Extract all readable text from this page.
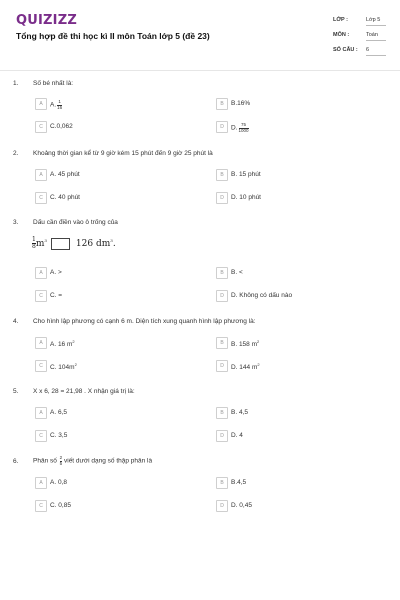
QUIZIZZ
Tổng hợp đề thi học kì II môn Toán lớp 5 (đề 23)
LỚP :	Lớp 5
MÔN :	Toán
SỐ CÂU : 6
1. Số bé nhất là:
A	$A.\frac{1}{16}$	B	B.16%
C	C.0,062	D	$D.\frac{75}{1000}$
2. Khoảng thời gian kể từ 9 giờ kém 15 phút đến 9 giờ 25 phút là
A	A. 45 phút	B	B. 15 phút
C	C. 40 phút	D	D. 10 phút
3. Dấu cần điền vào ô trống của
$\frac{1}{8} m^3$	126 $dm^3$.
A	A. >	B	B. <
C	C. =	D	D. Không có dấu nào
4. Cho hình lập phương có cạnh 6 m. Diện tích xung quanh hình lập phương là:
A	A. 16 $m^2$	B	B. 158 $m^2$
C	C. $104m^2$	D	D. 144 $m^2$
5. X x 6, 28 = 21,98 . X nhận giá trị là:
A	A. 6,5	B	B. 4,5
C	C. 3,5	D	D. 4
6. Phân số $\frac{2}{5}$ viết dưới dạng số thập phân là
A	A. 0,8	B	B.4,5
C	C. 0,85	D	D. 0,45
